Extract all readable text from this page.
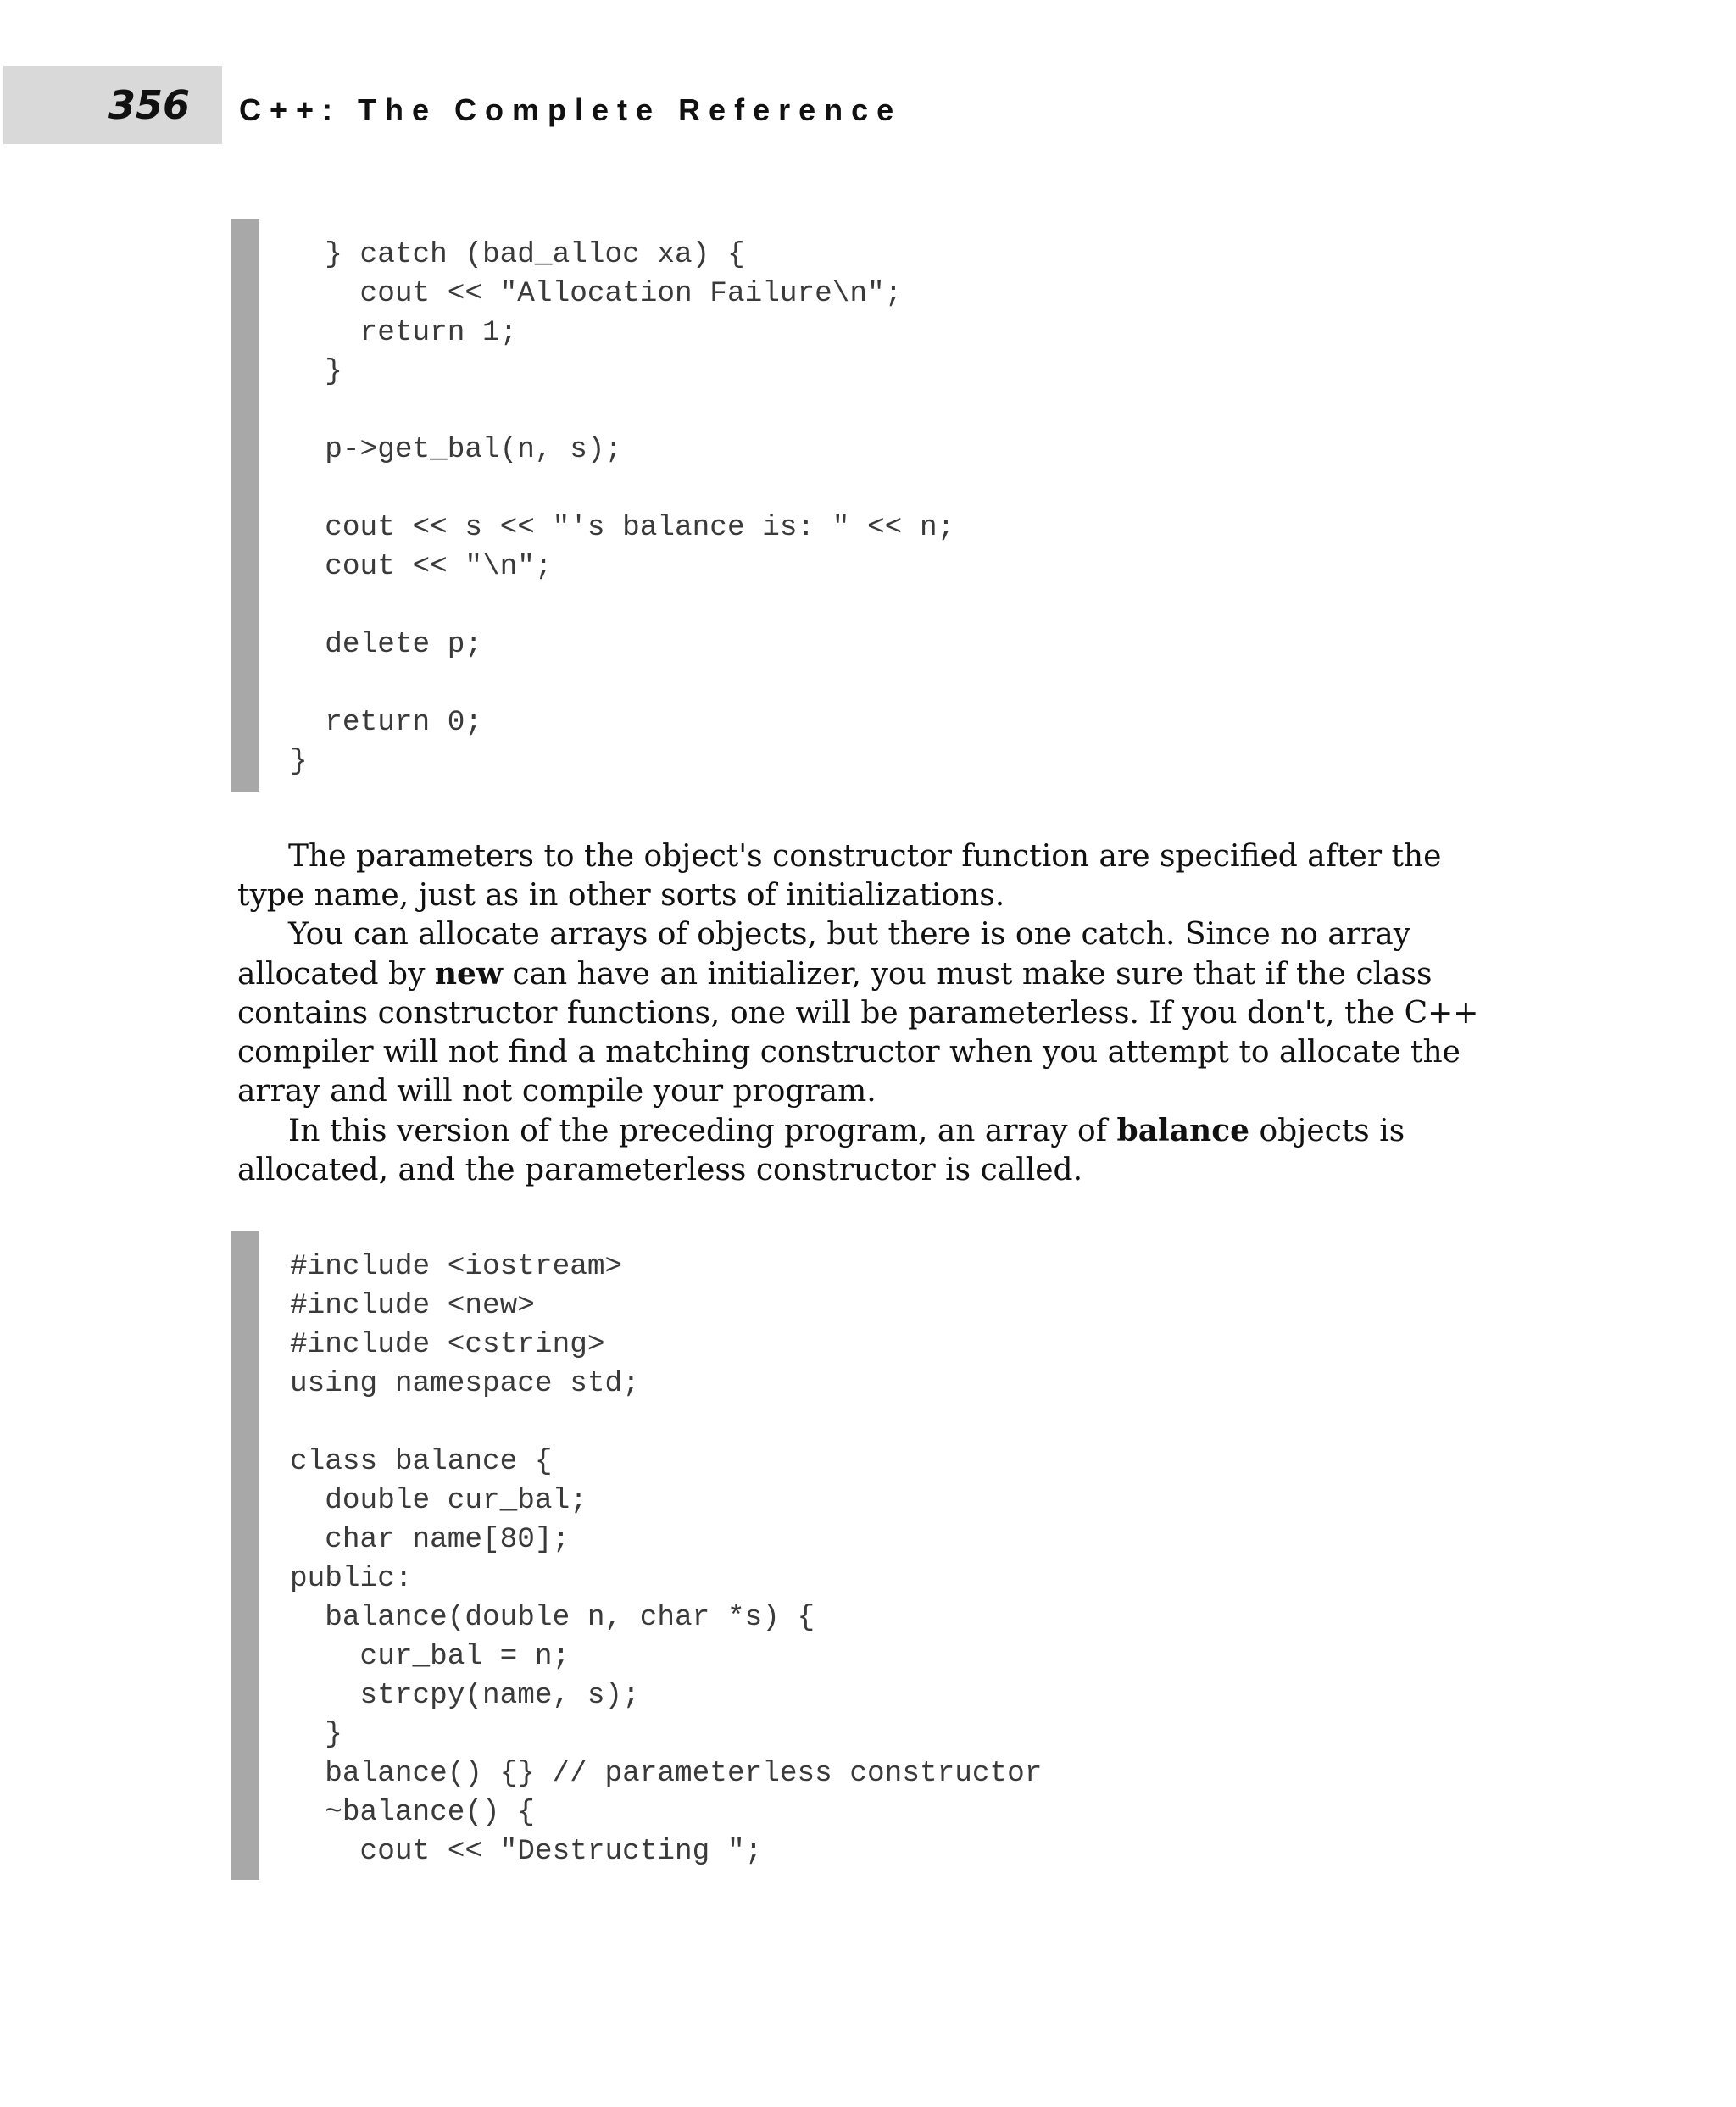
356 C++: The Complete Reference
} catch (bad_alloc xa) {
cout << "Allocation Failure\n";
return 1;
}
p->get_bal(n, s);
cout << s << "'s balance is: " << n;
cout << "\n";
delete p;
return 0;
}

The parameters to the object's constructor function are specified after the type name, just as in other sorts of initializations.

You can allocate arrays of objects, but there is one catch. Since no array allocated by new can have an initializer, you must make sure that if the class contains constructor functions, one will be parameterless. If you don't, the C++ compiler will not find a matching constructor when you attempt to allocate the array and will not compile your program.

In this version of the preceding program, an array of balance objects is allocated, and the parameterless constructor is called.

#include <iostream>
#include <new>
#include <cstring>
using namespace std;
class balance {
double cur_bal;
char name[80];
public:
balance(double n, char *s) {
cur_bal = n;
strcpy(name, s);
}
balance() {} // parameterless constructor
~balance() {
cout << "Destructing ";
